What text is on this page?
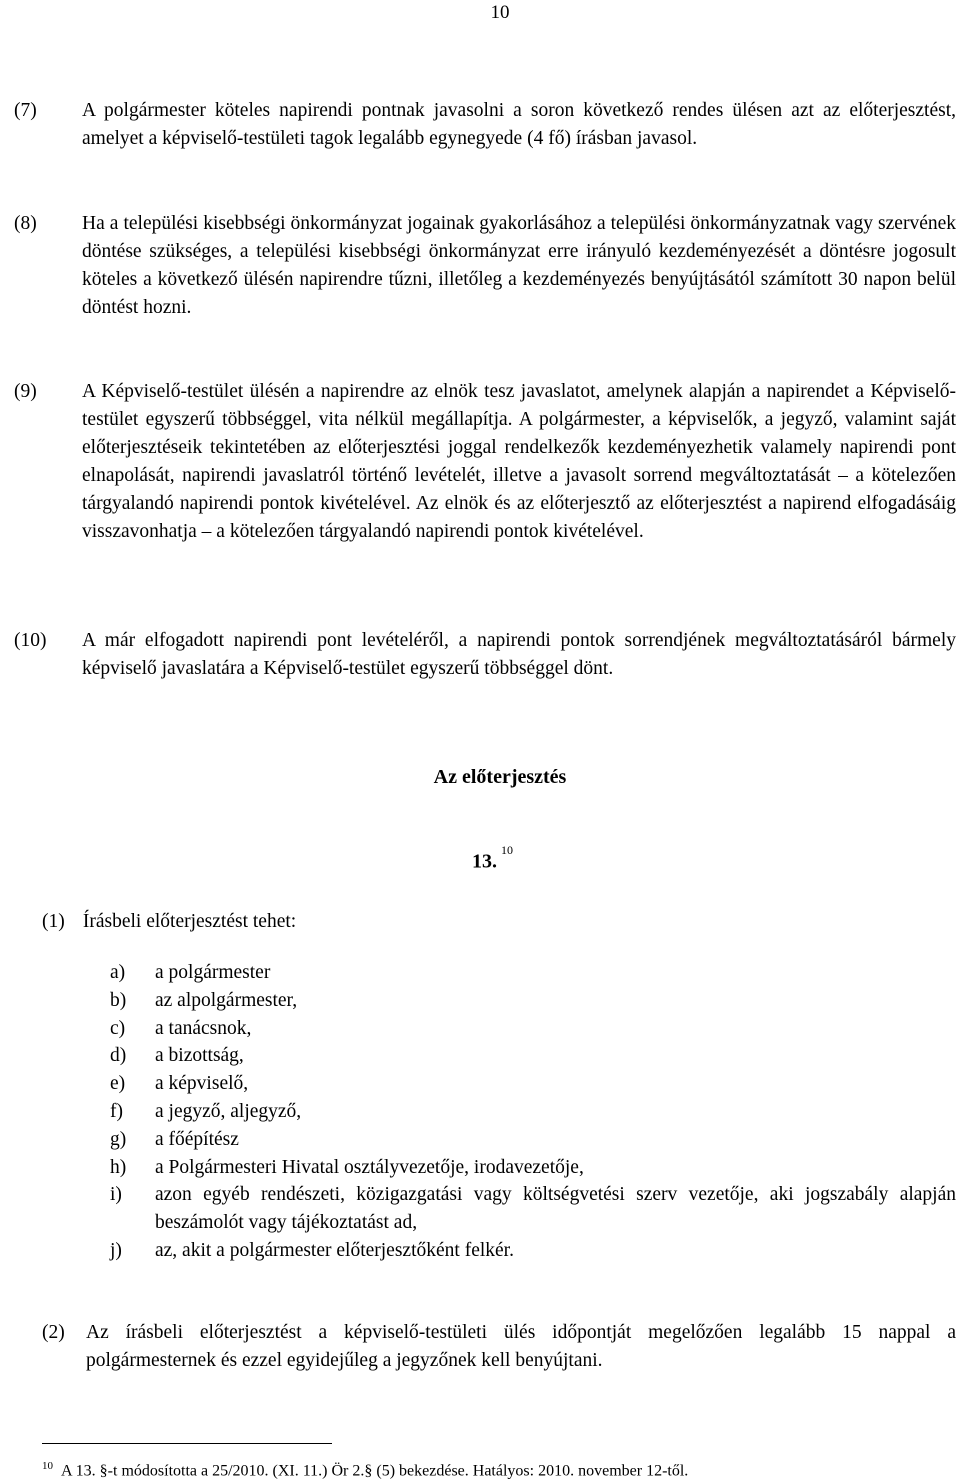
10
(7)	A polgármester köteles napirendi pontnak javasolni a soron következő rendes ülésen azt az előterjesztést, amelyet a képviselő-testületi tagok legalább egynegyede (4 fő) írásban javasol.
(8)	Ha a települési kisebbségi önkormányzat jogainak gyakorlásához a települési önkormányzatnak vagy szervének döntése szükséges, a települési kisebbségi önkormányzat erre irányuló kezdeményezését a döntésre jogosult köteles a következő ülésén napirendre tűzni, illetőleg a kezdeményezés benyújtásától számított 30 napon belül döntést hozni.
(9)	A Képviselő-testület ülésén a napirendre az elnök tesz javaslatot, amelynek alapján a napirendet a Képviselő-testület egyszerű többséggel, vita nélkül megállapítja. A polgármester, a képviselők, a jegyző, valamint saját előterjesztéseik tekintetében az előterjesztési joggal rendelkezők kezdeményezhetik valamely napirendi pont elnapolását, napirendi javaslatról történő levételét, illetve a javasolt sorrend megváltoztatását – a kötelezően tárgyalandó napirendi pontok kivételével. Az elnök és az előterjesztő az előterjesztést a napirend elfogadásáig visszavonhatja – a kötelezően tárgyalandó napirendi pontok kivételével.
(10)	A már elfogadott napirendi pont levételéről, a napirendi pontok sorrendjének megváltoztatásáról bármely képviselő javaslatára a Képviselő-testület egyszerű többséggel dönt.
Az előterjesztés
13.10
(1) Írásbeli előterjesztést tehet:
a)	a polgármester
b)	az alpolgármester,
c)	a tanácsnok,
d)	a bizottság,
e)	a képviselő,
f)	a jegyző, aljegyző,
g)	a főépítész
h)	a Polgármesteri Hivatal osztályvezetője, irodavezetője,
i)	azon egyéb rendészeti, közigazgatási vagy költségvetési szerv vezetője, aki jogszabály alapján beszámolót vagy tájékoztatást ad,
j)	az, akit a polgármester előterjesztőként felkér.
(2)	Az írásbeli előterjesztést a képviselő-testületi ülés időpontját megelőzően legalább 15 nappal a polgármesternek és ezzel egyidejűleg a jegyzőnek kell benyújtani.
$^{10}$ A 13. §-t módosította a 25/2010. (XI. 11.) Ör 2.§ (5) bekezdése. Hatályos: 2010. november 12-től.
